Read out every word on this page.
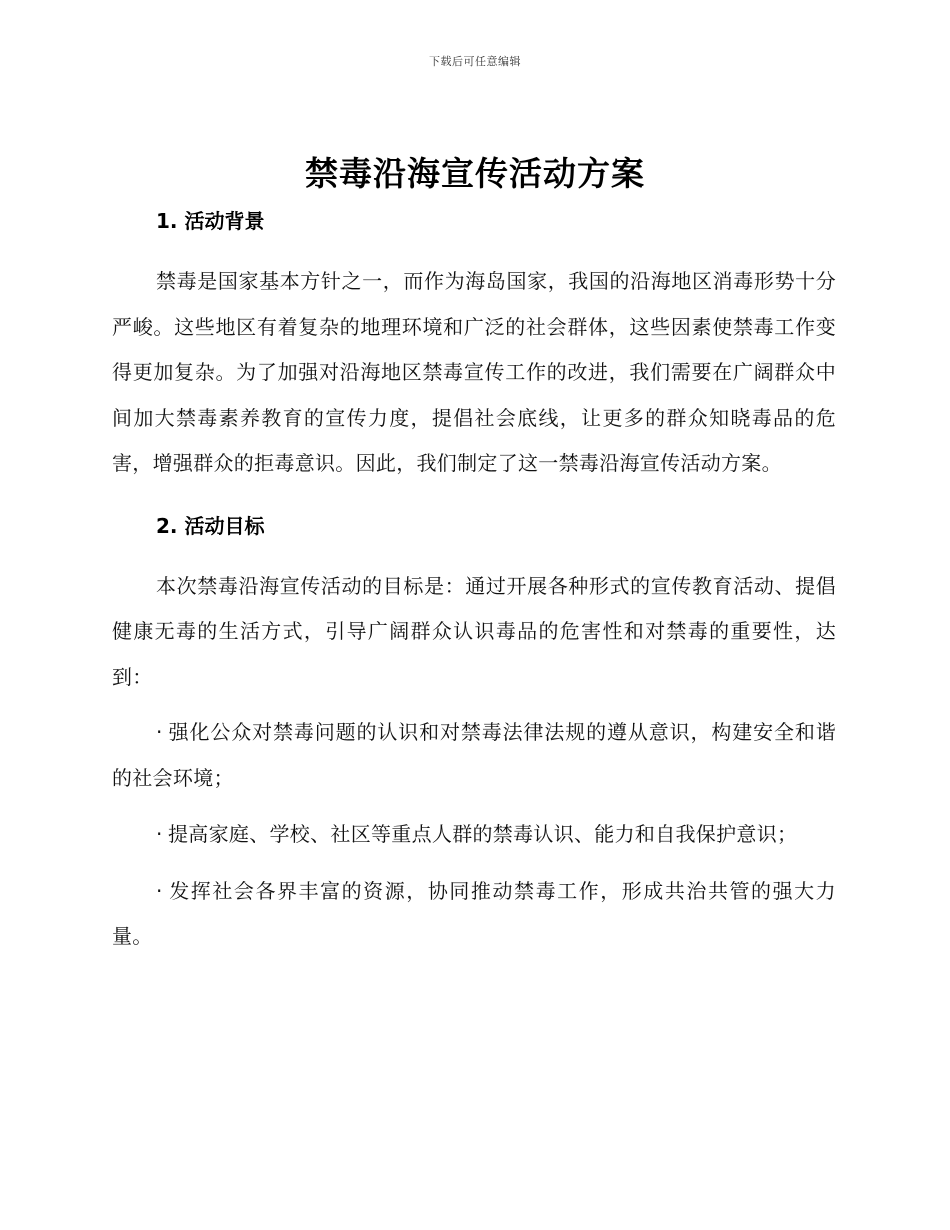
下载后可任意编辑
禁毒沿海宣传活动方案
1. 活动背景

禁毒是国家基本方针之一，而作为海岛国家，我国的沿海地区消毒形势十分严峻。这些地区有着复杂的地理环境和广泛的社会群体，这些因素使禁毒工作变得更加复杂。为了加强对沿海地区禁毒宣传工作的改进，我们需要在广阔群众中间加大禁毒素养教育的宣传力度，提倡社会底线，让更多的群众知晓毒品的危害，增强群众的拒毒意识。因此，我们制定了这一禁毒沿海宣传活动方案。

2. 活动目标

本次禁毒沿海宣传活动的目标是：通过开展各种形式的宣传教育活动、提倡健康无毒的生活方式，引导广阔群众认识毒品的危害性和对禁毒的重要性，达到：

· 强化公众对禁毒问题的认识和对禁毒法律法规的遵从意识，构建安全和谐的社会环境；
· 提高家庭、学校、社区等重点人群的禁毒认识、能力和自我保护意识；
· 发挥社会各界丰富的资源，协同推动禁毒工作，形成共治共管的强大力量。
